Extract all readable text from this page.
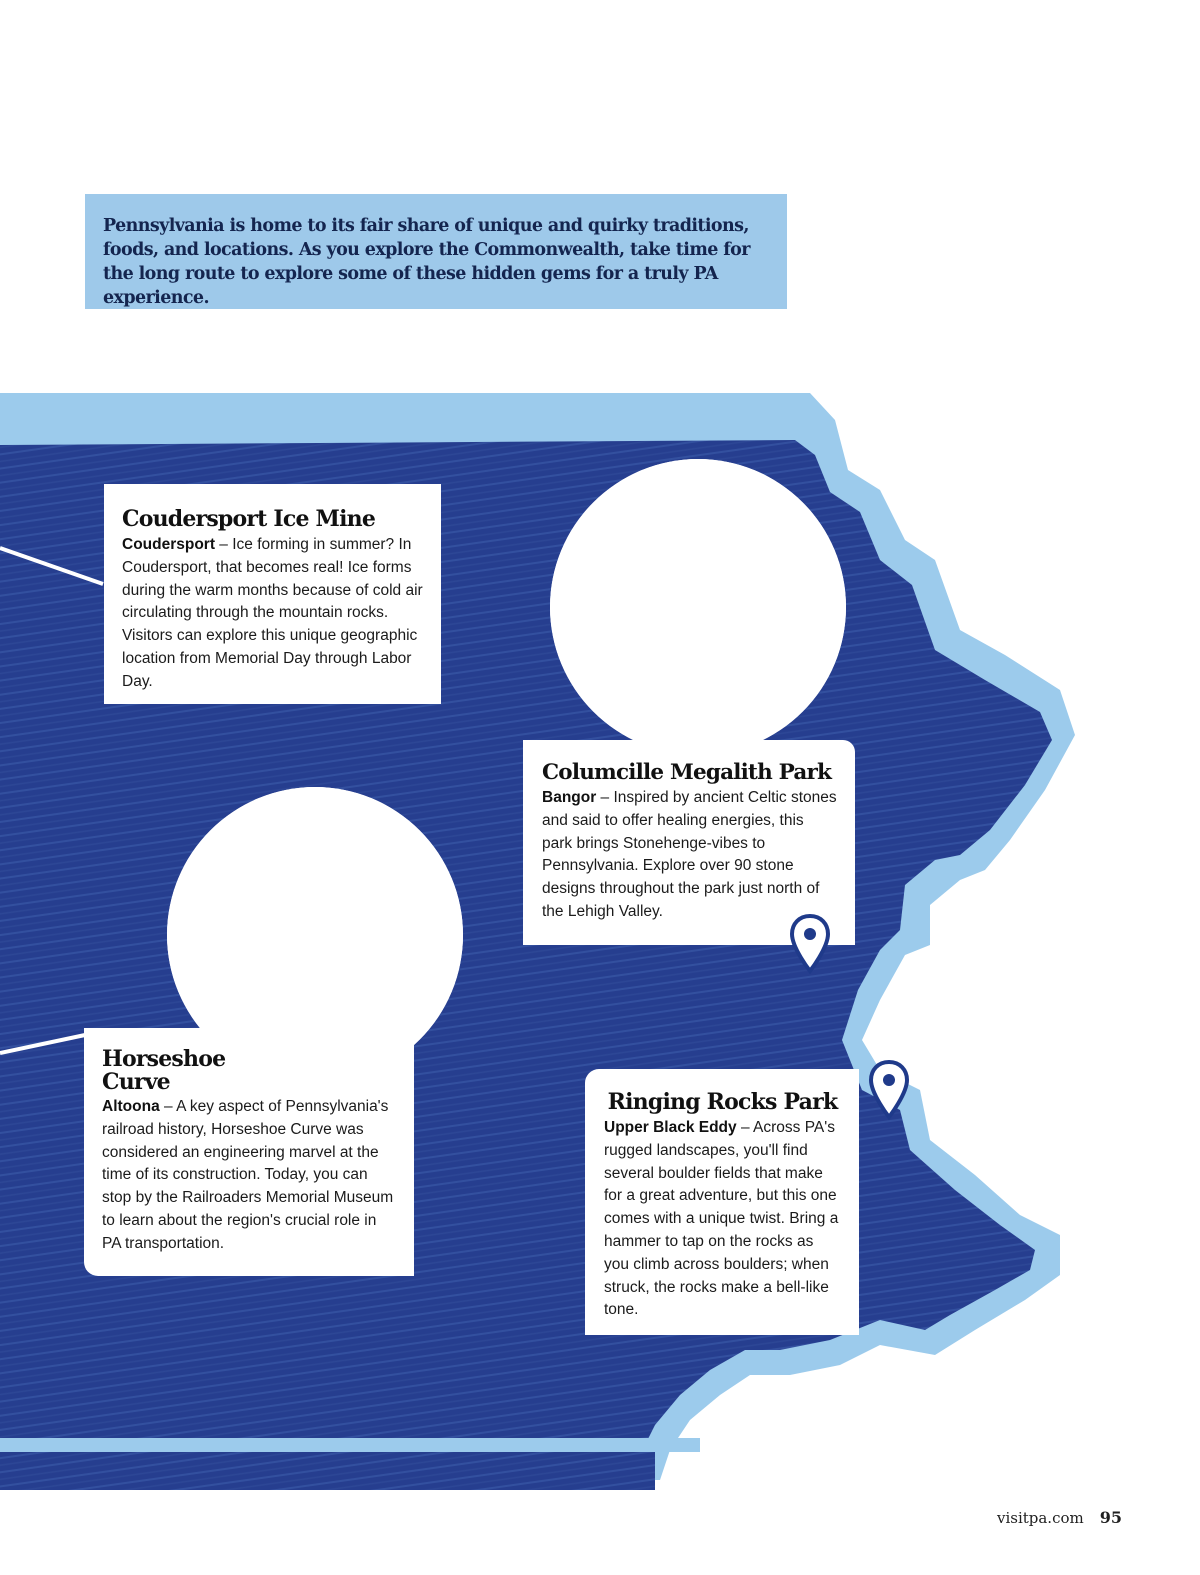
Pennsylvania is home to its fair share of unique and quirky traditions, foods, and locations. As you explore the Commonwealth, take time for the long route to explore some of these hidden gems for a truly PA experience.

Coudersport Ice Mine
Coudersport – Ice forming in summer? In Coudersport, that becomes real! Ice forms during the warm months because of cold air circulating through the mountain rocks. Visitors can explore this unique geographic location from Memorial Day through Labor Day.
Columcille Megalith Park
Bangor – Inspired by ancient Celtic stones and said to offer healing energies, this park brings Stonehenge-vibes to Pennsylvania. Explore over 90 stone designs throughout the park just north of the Lehigh Valley.
Horseshoe Curve
Altoona – A key aspect of Pennsylvania's railroad history, Horseshoe Curve was considered an engineering marvel at the time of its construction. Today, you can stop by the Railroaders Memorial Museum to learn about the region's crucial role in PA transportation.
Ringing Rocks Park
Upper Black Eddy – Across PA's rugged landscapes, you'll find several boulder fields that make for a great adventure, but this one comes with a unique twist. Bring a hammer to tap on the rocks as you climb across boulders; when struck, the rocks make a bell-like tone.
visitpa.com 95
